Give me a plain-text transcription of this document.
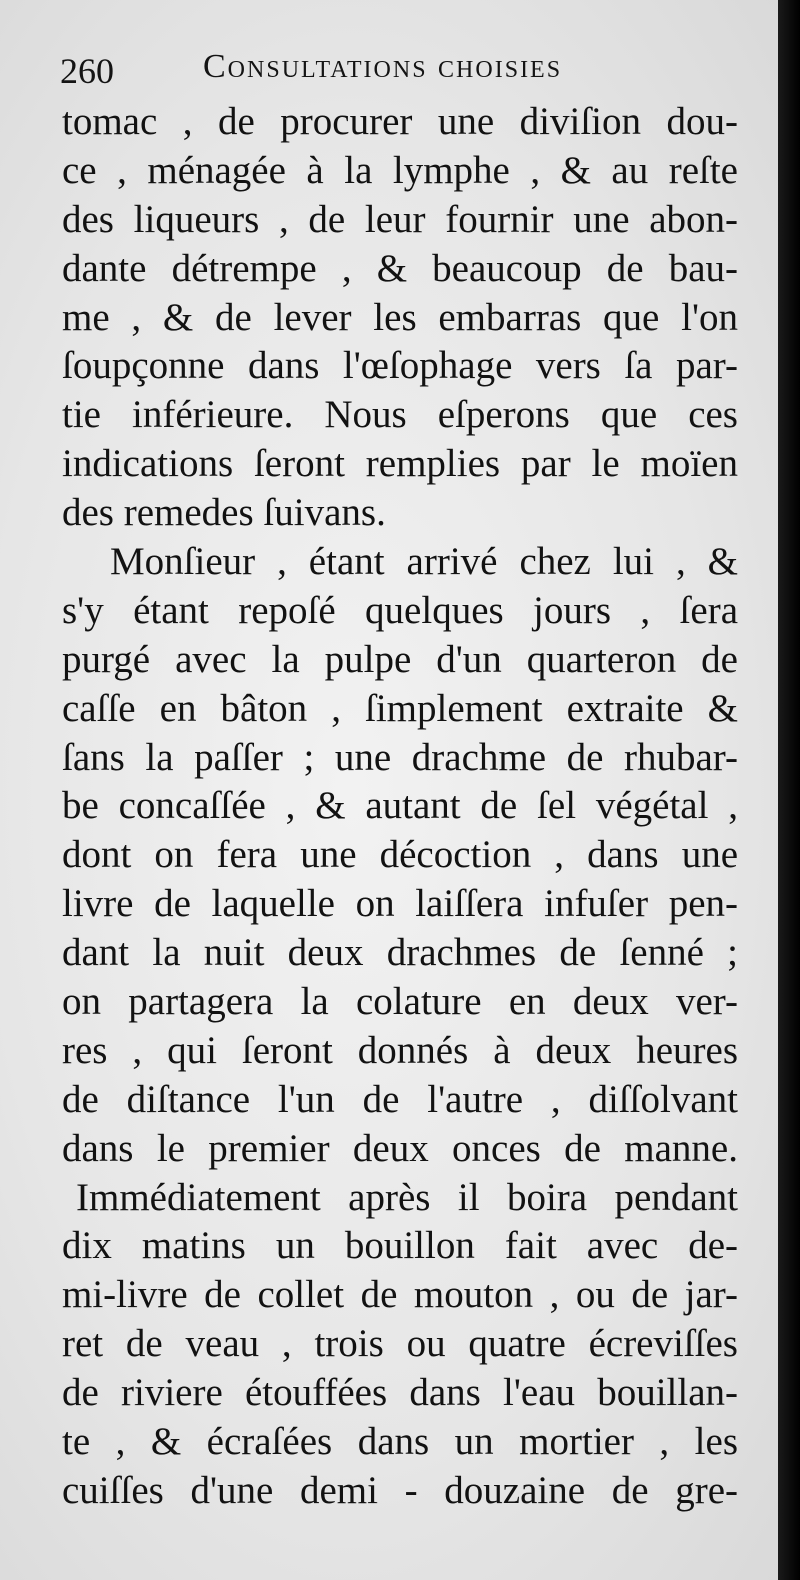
260	Consultations choisies
tomac , de procurer une diviſion dou-
ce , ménagée à la lymphe , & au reſte
des liqueurs , de leur fournir une abon-
dante détrempe , & beaucoup de bau-
me , & de lever les embarras que l'on
ſoupçonne dans l'œſophage vers ſa par-
tie inférieure. Nous eſperons que ces
indications ſeront remplies par le moïen
des remedes ſuivans.
Monſieur , étant arrivé chez lui , &
s'y étant repoſé quelques jours , ſera
purgé avec la pulpe d'un quarteron de
caſſe en bâton , ſimplement extraite &
ſans la paſſer ; une drachme de rhubar-
be concaſſée , & autant de ſel végétal ,
dont on fera une décoction , dans une
livre de laquelle on laiſſera infuſer pen-
dant la nuit deux drachmes de ſenné ;
on partagera la colature en deux ver-
res , qui ſeront donnés à deux heures
de diſtance l'un de l'autre , diſſolvant
dans le premier deux onces de manne.
Immédiatement après il boira pendant
dix matins un bouillon fait avec de-
mi-livre de collet de mouton , ou de jar-
ret de veau , trois ou quatre écreviſſes
de riviere étouffées dans l'eau bouillan-
te , & écraſées dans un mortier , les
cuiſſes d'une demi - douzaine de gre-
